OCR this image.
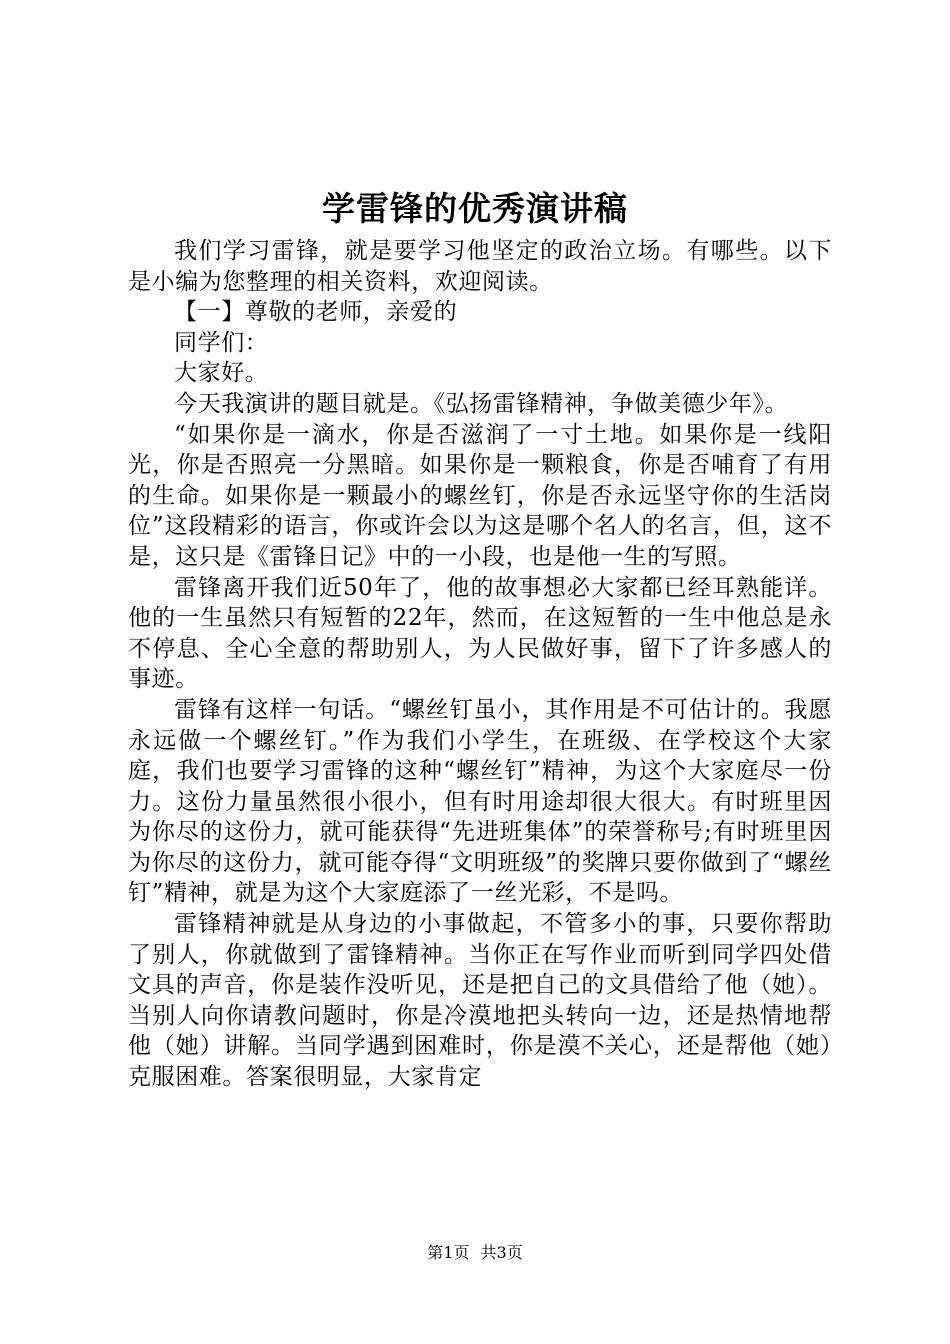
学雷锋的优秀演讲稿

我们学习雷锋，就是要学习他坚定的政治立场。有哪些。以下是小编为您整理的相关资料，欢迎阅读。

【一】尊敬的老师，亲爱的

同学们：

大家好。

今天我演讲的题目就是。《弘扬雷锋精神，争做美德少年》。

“如果你是一滴水，你是否滋润了一寸土地。如果你是一线阳光，你是否照亮一分黑暗。如果你是一颗粮食，你是否哺育了有用的生命。如果你是一颗最小的螺丝钉，你是否永远坚守你的生活岗位”这段精彩的语言，你或许会以为这是哪个名人的名言，但，这不是，这只是《雷锋日记》中的一小段，也是他一生的写照。

雷锋离开我们近50年了，他的故事想必大家都已经耳熟能详。他的一生虽然只有短暂的22年，然而，在这短暂的一生中他总是永不停息、全心全意的帮助别人，为人民做好事，留下了许多感人的事迹。

雷锋有这样一句话。“螺丝钉虽小，其作用是不可估计的。我愿永远做一个螺丝钉。”作为我们小学生，在班级、在学校这个大家庭，我们也要学习雷锋的这种“螺丝钉”精神，为这个大家庭尽一份力。这份力量虽然很小很小，但有时用途却很大很大。有时班里因为你尽的这份力，就可能获得“先进班集体”的荣誉称号;有时班里因为你尽的这份力，就可能夺得“文明班级”的奖牌只要你做到了“螺丝钉”精神，就是为这个大家庭添了一丝光彩，不是吗。

雷锋精神就是从身边的小事做起，不管多小的事，只要你帮助了别人，你就做到了雷锋精神。当你正在写作业而听到同学四处借文具的声音，你是装作没听见，还是把自己的文具借给了他（她）。当别人向你请教问题时，你是冷漠地把头转向一边，还是热情地帮他（她）讲解。当同学遇到困难时，你是漠不关心，还是帮他（她）克服困难。答案很明显，大家肯定

第1页 共3页
